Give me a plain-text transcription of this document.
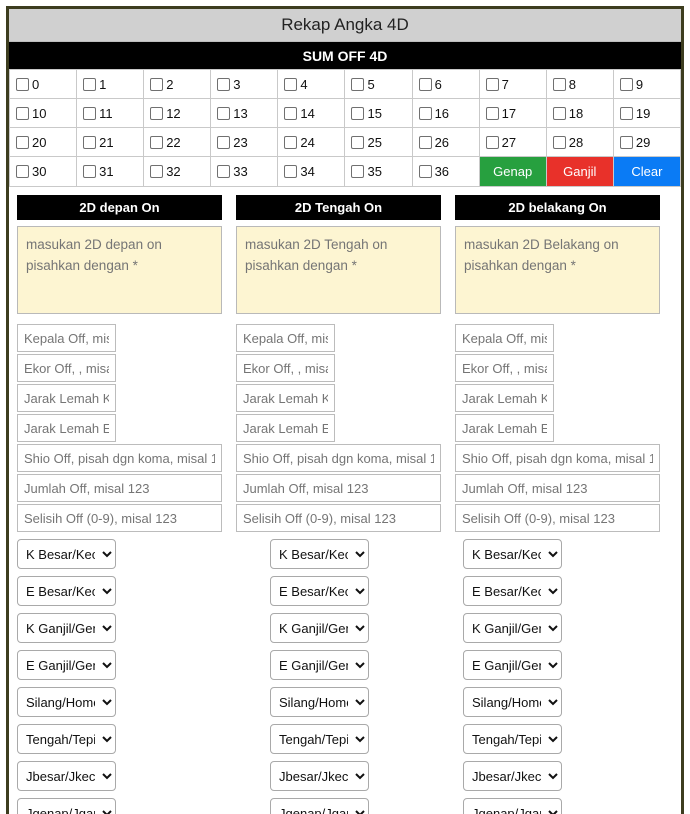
Rekap Angka 4D
SUM OFF 4D
0	1	2	3	4	5	6	7	8	9

10	11	12	13	14	15	16	17	18	19

20	21	22	23	24	25	26	27	28	29

30	31	32	33	34	35	36	Genap	Ganjil	Clear
2D depan On
masukan 2D depan on pisahkan dengan *
Kepala Off, misal 1,2,3
Ekor Off, , misal 1,2,3
Jarak Lemah Kepala (0-9)
Jarak Lemah Ekor (0-9)
Shio Off, pisah dgn koma, misal 1,2
Jumlah Off, misal 123
Selisih Off (0-9), misal 123
K Besar/Kecil
E Besar/Kecil
K Ganjil/Genap
E Ganjil/Genap
Silang/Homo
Tengah/Tepi
Jbesar/Jkecil
Jgenap/Jganjil	2D Tengah On
masukan 2D Tengah on pisahkan dengan *
Kepala Off, misal 1,2,3
Ekor Off, , misal 1,2,3
Jarak Lemah Kepala (0-9)
Jarak Lemah Ekor (0-9)
Shio Off, pisah dgn koma, misal 1,2
Jumlah Off, misal 123
Selisih Off (0-9), misal 123
K Besar/Kecil
E Besar/Kecil
K Ganjil/Genap
E Ganjil/Genap
Silang/Homo
Tengah/Tepi
Jbesar/Jkecil
Jgenap/Jganjil	2D belakang On
masukan 2D Belakang on pisahkan dengan *
Kepala Off, misal 1,2,3
Ekor Off, , misal 1,2,3
Jarak Lemah Kepala (0-9)
Jarak Lemah Ekor (0-9)
Shio Off, pisah dgn koma, misal 1,2
Jumlah Off, misal 123
Selisih Off (0-9), misal 123
K Besar/Kecil
E Besar/Kecil
K Ganjil/Genap
E Ganjil/Genap
Silang/Homo
Tengah/Tepi
Jbesar/Jkecil
Jgenap/Jganjil
